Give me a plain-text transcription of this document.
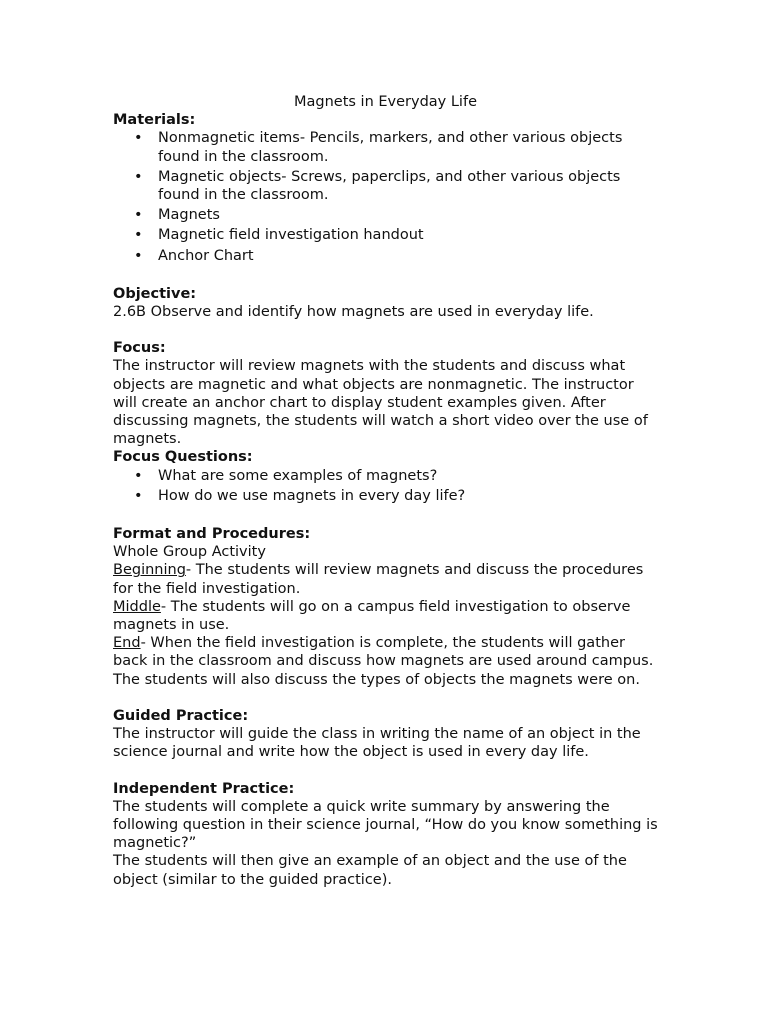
Magnets in Everyday Life

Materials:

• Nonmagnetic items- Pencils, markers, and other various objects found in the classroom.
• Magnetic objects- Screws, paperclips, and other various objects found in the classroom.
• Magnets
• Magnetic field investigation handout
• Anchor Chart

Objective:

2.6B Observe and identify how magnets are used in everyday life.

Focus:

The instructor will review magnets with the students and discuss what objects are magnetic and what objects are nonmagnetic. The instructor will create an anchor chart to display student examples given. After discussing magnets, the students will watch a short video over the use of magnets.

Focus Questions:

• What are some examples of magnets?
• How do we use magnets in every day life?

Format and Procedures:

Whole Group Activity

Beginning- The students will review magnets and discuss the procedures for the field investigation.

Middle- The students will go on a campus field investigation to observe magnets in use.

End- When the field investigation is complete, the students will gather back in the classroom and discuss how magnets are used around campus. The students will also discuss the types of objects the magnets were on.

Guided Practice:

The instructor will guide the class in writing the name of an object in the science journal and write how the object is used in every day life.

Independent Practice:

The students will complete a quick write summary by answering the following question in their science journal, “How do you know something is magnetic?”

The students will then give an example of an object and the use of the object (similar to the guided practice).
